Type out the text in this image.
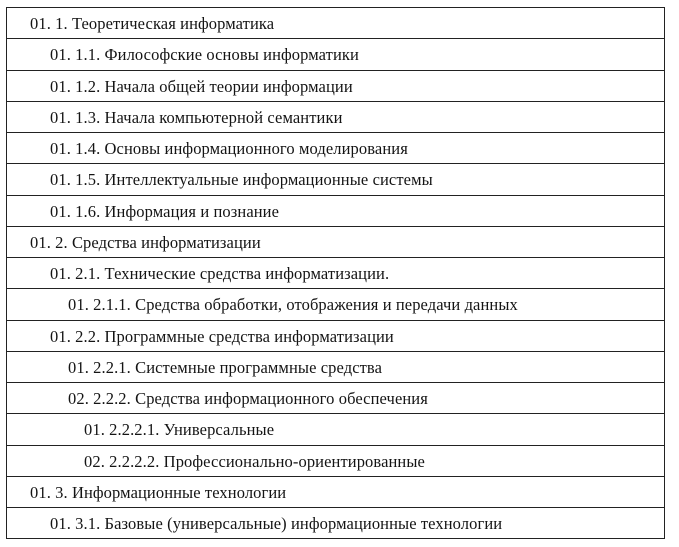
01. 1. Теоретическая информатика
01. 1.1. Философские основы информатики
01. 1.2. Начала общей теории информации
01. 1.3. Начала компьютерной семантики
01. 1.4. Основы информационного моделирования
01. 1.5. Интеллектуальные информационные системы
01. 1.6. Информация и познание
01. 2. Средства информатизации
01. 2.1. Технические средства информатизации.
01. 2.1.1. Средства обработки, отображения и передачи данных
01. 2.2. Программные средства информатизации
01. 2.2.1. Системные программные средства
02. 2.2.2. Средства информационного обеспечения
01. 2.2.2.1. Универсальные
02. 2.2.2.2. Профессионально-ориентированные
01. 3. Информационные технологии
01. 3.1. Базовые (универсальные) информационные технологии
